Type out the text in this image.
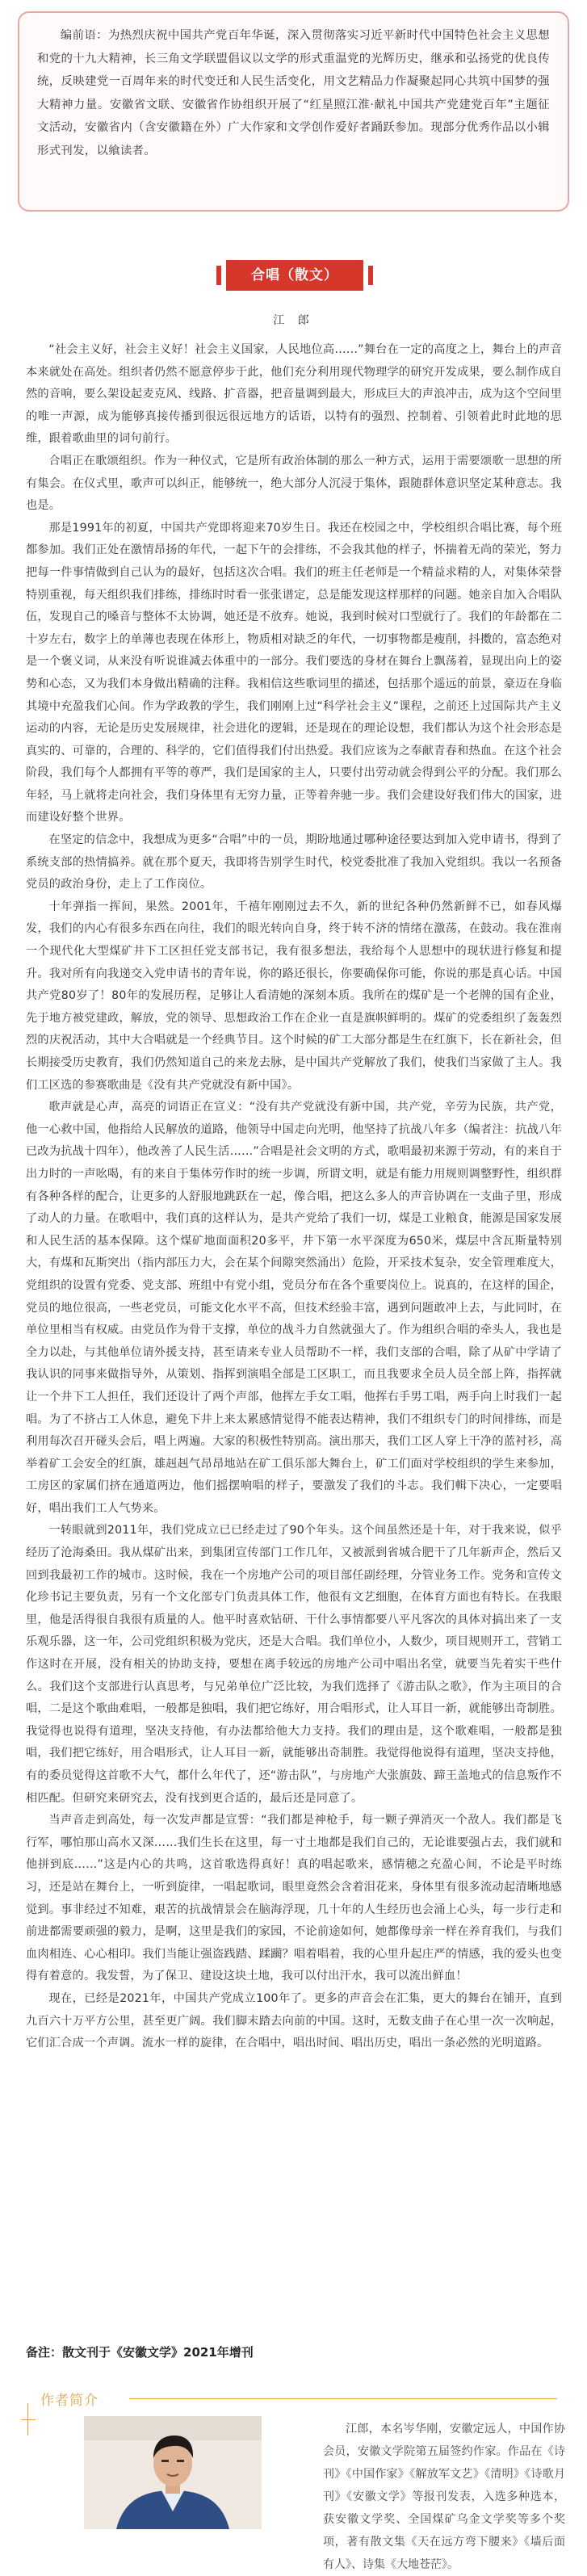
编前语：为热烈庆祝中国共产党百年华诞，深入贯彻落实习近平新时代中国特色社会主义思想和党的十九大精神，长三角文学联盟倡议以文学的形式重温党的光辉历史，继承和弘扬党的优良传统，反映建党一百周年来的时代变迁和人民生活变化，用文艺精品力作凝聚起同心共筑中国梦的强大精神力量。安徽省文联、安徽省作协组织开展了“红星照江淮·献礼中国共产党建党百年”主题征文活动，安徽省内（含安徽籍在外）广大作家和文学创作爱好者踊跃参加。现部分优秀作品以小辑形式刊发，以飨读者。

合唱（散文）
江 郎

“社会主义好，社会主义好！社会主义国家，人民地位高……”舞台在一定的高度之上，舞台上的声音本来就处在高处。组织者仍然不愿意停步于此，他们充分利用现代物理学的研究开发成果，要么制作成自然的音响，要么架设起麦克风、线路、扩音器，把音量调到最大，形成巨大的声浪冲击，成为这个空间里的唯一声源，成为能够真接传播到很远很远地方的话语，以特有的强烈、控制着、引领着此时此地的思维，跟着歌曲里的词句前行。

合唱正在歌颂组织。作为一种仪式，它是所有政治体制的那么一种方式，运用于需要颂歌一思想的所有集会。在仪式里，歌声可以纠正，能够统一，绝大部分人沉浸于集体，跟随群体意识坚定某种意志。我也是。

那是1991年的初夏，中国共产党即将迎来70岁生日。我还在校园之中，学校组织合唱比赛，每个班都参加。我们正处在激情昂扬的年代，一起下午的会排练，不会我其他的样子，怀揣着无尚的荣光，努力把每一件事情做到自己认为的最好，包括这次合唱。我们的班主任老师是一个精益求精的人，对集体荣誉特别重视，每天组织我们排练，排练时时看一张张谱定，总是能发现这样那样的问题。她亲自加入合唱队伍，发现自己的嗓音与整体不太协调，她还是不放弃。她说，我到时候对口型就行了。我们的年龄都在二十岁左右，数字上的单薄也表现在体形上，物质相对缺乏的年代，一切事物都是瘦削，抖擞的，富态绝对是一个褒义词，从来没有听说谁减去体重中的一部分。我们要选的身材在舞台上飘荡着，显现出向上的姿势和心态，又为我们本身做出精确的注释。我相信这些歌词里的描述，包括那个遥远的前景，豪迈在身临其境中充盈我们心间。作为学政教的学生，我们刚刚上过“科学社会主义”课程，之前还上过国际共产主义运动的内容，无论是历史发展规律，社会进化的逻辑，还是现在的理论设想，我们都认为这个社会形态是真实的、可靠的，合理的、科学的，它们值得我们付出热爱。我们应该为之奉献青春和热血。在这个社会阶段，我们每个人都拥有平等的尊严，我们是国家的主人，只要付出劳动就会得到公平的分配。我们那么年轻，马上就将走向社会，我们身体里有无穷力量，正等着奔驰一步。我们会建设好我们伟大的国家，进而建设好整个世界。

在坚定的信念中，我想成为更多“合唱”中的一员，期盼地通过哪种途径要达到加入党申请书，得到了系统支部的热情搞养。就在那个夏天，我即将告别学生时代，校党委批准了我加入党组织。我以一名预备党员的政治身份，走上了工作岗位。

十年弹指一挥间，果然。2001年，千禧年刚刚过去不久，新的世纪各种仍然新鲜不已，如春风爆发，我们的内心有很多东西在向往，我们的眼光转向自身，终于转不济的情绪在激荡，在鼓动。我在淮南一个现代化大型煤矿井下工区担任党支部书记，我有很多想法，我给每个人思想中的现状进行修复和提升。我对所有向我递交入党申请书的青年说，你的路还很长，你要确保你可能，你说的那是真心话。中国共产党80岁了！80年的发展历程，足够让人看清她的深刻本质。我所在的煤矿是一个老牌的国有企业，先于地方被党建政，解放，党的领导、思想政治工作在企业一直是旗帜鲜明的。煤矿的党委组织了轰轰烈烈的庆祝活动，其中大合唱就是一个经典节目。这个时候的矿工大部分都是生在红旗下，长在新社会，但长期接受历史教育，我们仍然知道自己的来龙去脉，是中国共产党解放了我们，使我们当家做了主人。我们工区选的参赛歌曲是《没有共产党就没有新中国》。

歌声就是心声，高亮的词语正在宣义：“没有共产党就没有新中国，共产党，辛劳为民族，共产党，他一心救中国，他指给人民解放的道路，他领导中国走向光明，他坚持了抗战八年多（编者注：抗战八年已改为抗战十四年），他改善了人民生活……”合唱是社会文明的方式，歌唱最初来源于劳动，有的来自于出力时的一声吆喝，有的来自于集体劳作时的统一步调，所谓文明，就是有能力用规则调整野性，组织群有各种各样的配合，让更多的人舒服地跳跃在一起，像合唱，把这么多人的声音协调在一支曲子里，形成了动人的力量。在歌唱中，我们真的这样认为，是共产党给了我们一切，煤是工业粮食，能源是国家发展和人民生活的基本保障。这个煤矿地面面积20多平，井下第一水平深度为650米，煤层中含瓦斯量特别大，有煤和瓦斯突出（指内部压力大，会在某个间隙突然涌出）危险，开采技术复杂，安全管理难度大，党组织的设置有党委、党支部、班组中有党小组，党员分布在各个重要岗位上。说真的，在这样的国企，党员的地位很高，一些老党员，可能文化水平不高，但技术经验丰富，遇到问题敢冲上去，与此同时，在单位里相当有权威。由党员作为骨干支撑，单位的战斗力自然就强大了。作为组织合唱的牵头人，我也是全力以赴，与其他单位请外援支持，甚至请来专业人员帮助不一样，我们支部的合唱，除了从矿中学请了我认识的同事来做指导外，从策划、指挥到演唱全部是工区职工，而且我要求全员人员全部上阵，指挥就让一个井下工人担任，我们还设计了两个声部，他挥左手女工唱，他挥右手男工唱，两手向上时我们一起唱。为了不挤占工人休息，避免下井上来太累感情觉得不能表达精神，我们不组织专门的时间排练，而是利用每次召开碰头会后，唱上两遍。大家的积极性特别高。演出那天，我们工区人穿上干净的蓝衬衫，高举着矿工会安全的红旗，雄赳赳气昂昂地站在矿工俱乐部大舞台上，矿工们面对学校组织的学生来参加，工房区的家属们挤在通道两边，他们摇摆响唱的样子，要激发了我们的斗志。我们輯下决心，一定要唱好，唱出我们工人气势来。

一转眼就到2011年，我们党成立已已经走过了90个年头。这个间虽然还是十年，对于我来说，似乎经历了沧海桑田。我从煤矿出来，到集团宣传部门工作几年，又被派到省城合肥干了几年新声企，然后又回到我最初工作的城市。这时候，我在一个房地产公司的项目部任副经理，分管业务工作。党务和宣传文化珍书记主要负责，另有一个文化部专门负责具体工作，他很有文艺细胞，在体育方面也有特长。在我眼里，他是活得很自我很有质量的人。他平时喜欢钻研、干什么事情都要八平凡客次的具体对搞出来了一支乐观乐器，这一年，公司党组织积极为党庆，还是大合唱。我们单位小，人数少，项目规则开工，营销工作这时在开展，没有相关的协助支持，要想在离手较远的房地产公司中唱出名堂，就要当先着实干些什么。我们这个支部进行认真思考，与兄弟单位广泛比较，为我们选择了《游击队之歌》，作为主项目的合唱，二是这个歌曲难唱，一般都是独唱，我们把它练好，用合唱形式，让人耳目一新，就能够出奇制胜。我觉得也说得有道理，坚决支持他，有办法都给他大力支持。我们的理由是，这个歌难唱，一般都是独唱，我们把它练好，用合唱形式，让人耳目一新，就能够出奇制胜。我觉得他说得有道理，坚决支持他，有的委员觉得这首歌不大气，都什么年代了，还“游击队”，与房地产大张旗鼓、蹄王盖地式的信息叛作不相匹配。但研究来研究去，没有找到更合适的，最后还是同意了。

当声音走到高处，每一次发声都是宣誓：“我们都是神枪手，每一颗子弹消灭一个敌人。我们都是飞行军，哪怕那山高水又深……我们生长在这里，每一寸土地都是我们自己的，无论谁要强占去，我们就和他拼到底……”这是内心的共鸣，这首歌选得真好！真的唱起歌来，感情穗之充盈心间，不论是平时练习，还是站在舞台上，一听到旋律，一唱起歌词，眼里竟然会含着泪花来，身体里有很多流动起清晰地感觉到。事非经过不知难，艰苦的抗战情景会在脑海浮现，几十年的人生经历也会涌上心头，每一步行走和前进都需要顽强的毅力，是啊，这里是我们的家园，不论前途如何，她都像母亲一样在养育我们，与我们血肉相连、心心相印。我们当能让强盗践踏、蹂躏？唱着唱着，我的心里升起庄严的情感，我的爱头也变得有着意的。我发誓，为了保卫、建设这块土地，我可以付出汗水，我可以流出鲜血！

现在，已经是2021年，中国共产党成立100年了。更多的声音会在汇集，更大的舞台在铺开，直到九百六十万平方公里，甚至更广阔。我们脚末踏去向前的中国。这时，无数支曲子在心里一次一次响起，它们汇合成一个声调。流水一样的旋律，在合唱中，唱出时间、唱出历史，唱出一条必然的光明道路。

备注：散文刊于《安徽文学》2021年增刊
作者简介

江郎，本名岑华刚，安徽定远人，中国作协会员，安徽文学院第五届签约作家。作品在《诗刊》《中国作家》《解放军文艺》《清明》《诗歌月刊》《安徽文学》等报刊发表，入选多种选本，获安徽文学奖、全国煤矿乌金文学奖等多个奖项，著有散文集《天在远方弯下腰来》《墙后面有人》、诗集《大地苍茫》。
